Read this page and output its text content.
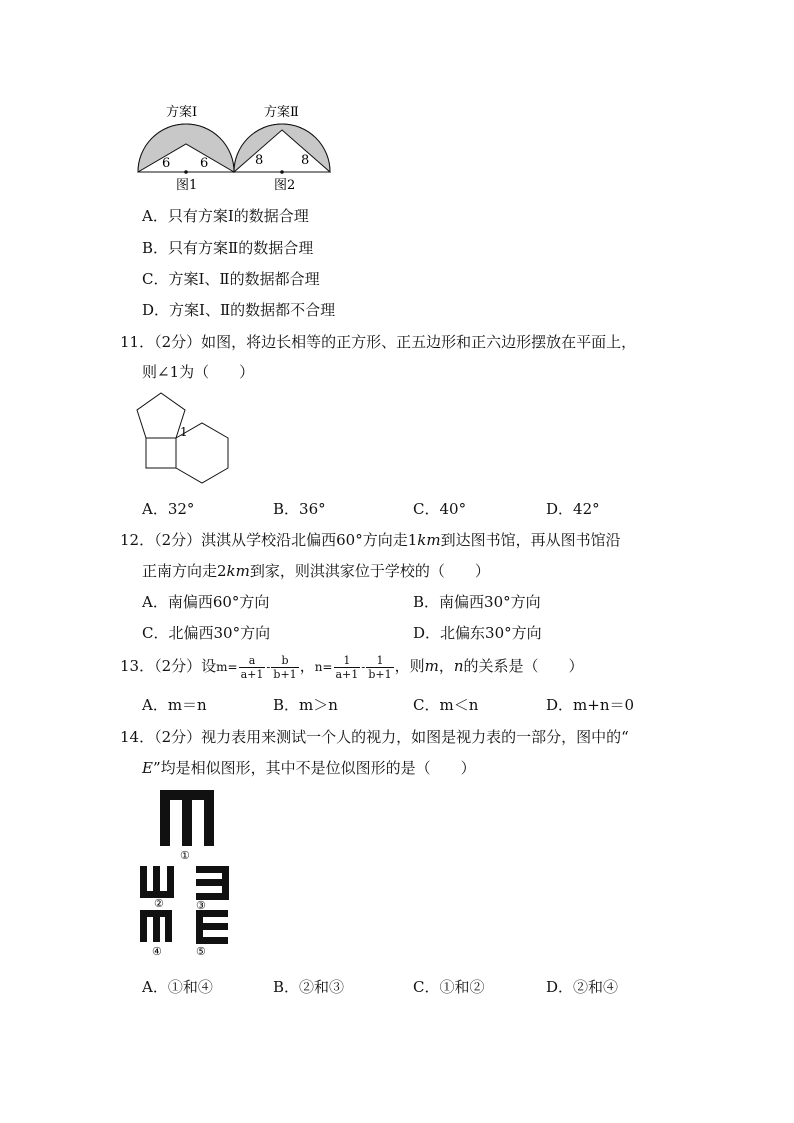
方案Ⅰ	方案Ⅱ
6 6	8	8
图1	图2
A．只有方案Ⅰ的数据合理
B．只有方案Ⅱ的数据合理
C．方案Ⅰ、Ⅱ的数据都合理
D．方案Ⅰ、Ⅱ的数据都不合理
11．（2分）如图，将边长相等的正方形、正五边形和正六边形摆放在平面上，
则∠1为（　　）
1
A．32°	B．36°	C．40°	D．42°
12．（2分）淇淇从学校沿北偏西60°方向走1km到达图书馆，再从图书馆沿
正南方向走2km到家，则淇淇家位于学校的（　　）
A．南偏西60°方向	B．南偏西30°方向
C．北偏西30°方向	D．北偏东30°方向
13．（2分）设$m= \frac{a}{a+1} - \frac{b}{b+1}$ ，$n= \frac{1}{a+1} - \frac{1}{b+1}$ ，则m，n的关系是（　　）
A．m＝n	B．m＞n	C．m＜n	D．m+n＝0
14．（2分）视力表用来测试一个人的视力，如图是视力表的一部分，图中的“
E”均是相似图形，其中不是位似图形的是（　　）
①
②	③
④	⑤
A．①和④	B．②和③	C．①和②	D．②和④
